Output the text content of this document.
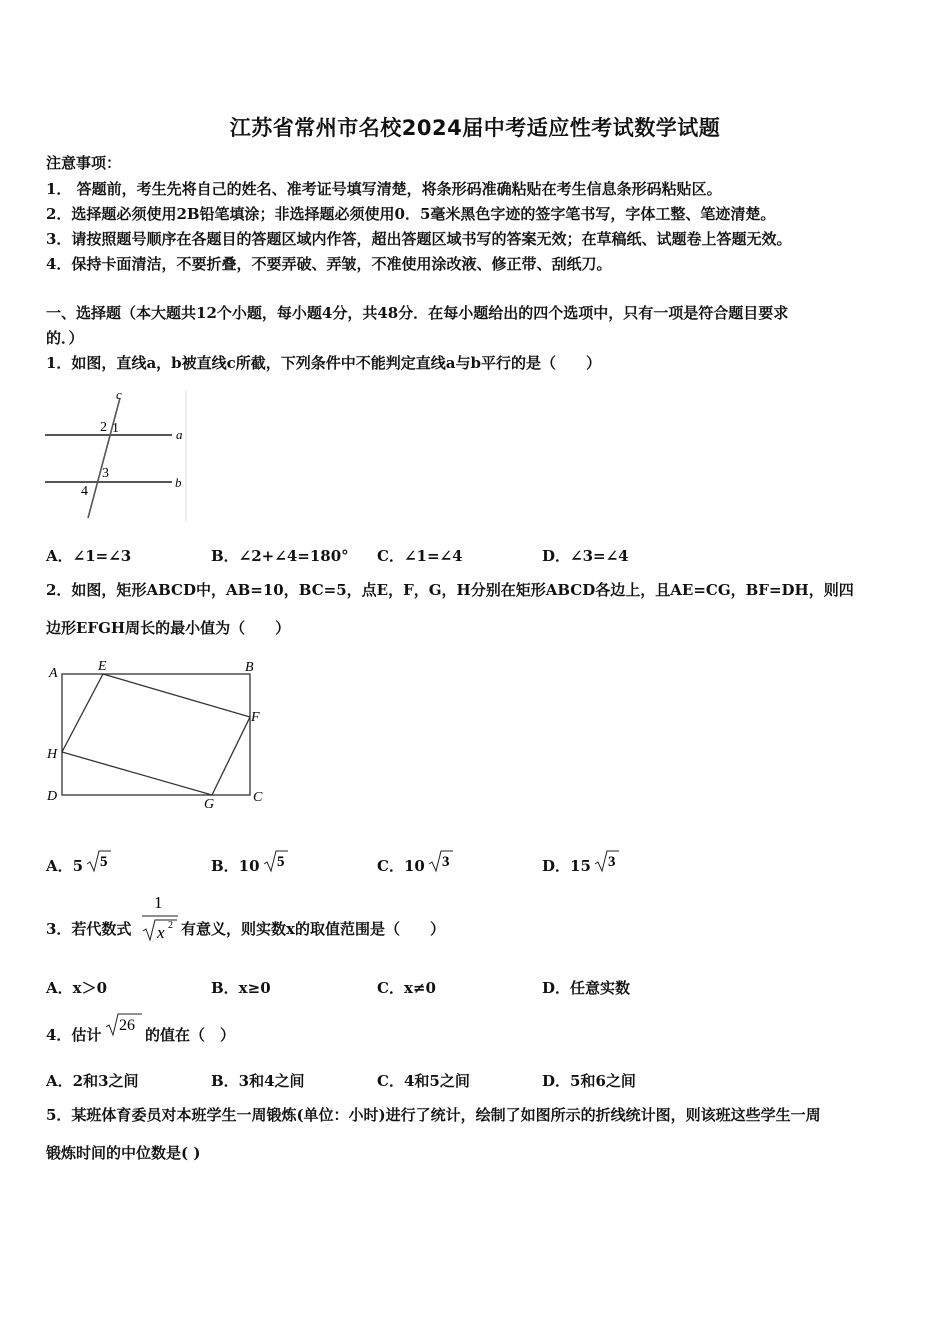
江苏省常州市名校2024届中考适应性考试数学试题
注意事项：
1． 答题前，考生先将自己的姓名、准考证号填写清楚，将条形码准确粘贴在考生信息条形码粘贴区。
2．选择题必须使用2B铅笔填涂；非选择题必须使用0．5毫米黑色字迹的签字笔书写，字体工整、笔迹清楚。
3．请按照题号顺序在各题目的答题区域内作答，超出答题区域书写的答案无效；在草稿纸、试题卷上答题无效。
4．保持卡面清洁，不要折叠，不要弄破、弄皱，不准使用涂改液、修正带、刮纸刀。
一、选择题（本大题共12个小题，每小题4分，共48分．在每小题给出的四个选项中，只有一项是符合题目要求
的．）
1．如图，直线a，b被直线c所截，下列条件中不能判定直线a与b平行的是（　　）
c
a
b
2 1
3
4
A．∠1=∠3	B．∠2+∠4=180° C．∠1=∠4	D．∠3=∠4
2．如图，矩形ABCD中，AB=10，BC=5，点E，F，G，H分别在矩形ABCD各边上，且AE=CG，BF=DH，则四
边形EFGH周长的最小值为（　　）
A	E	B
F
H
D
G	C
A．5 5	B．10 5	C．10 3	D．15 3
3．若代数式
1
x 2 有意义，则实数x的取值范围是（　　）
A．x＞0	B．x≥0	C．x≠0	D．任意实数
4．估计
26
的值在（　）
A．2和3之间	B．3和4之间	C．4和5之间	D．5和6之间
5．某班体育委员对本班学生一周锻炼(单位：小时)进行了统计，绘制了如图所示的折线统计图，则该班这些学生一周
锻炼时间的中位数是( )
